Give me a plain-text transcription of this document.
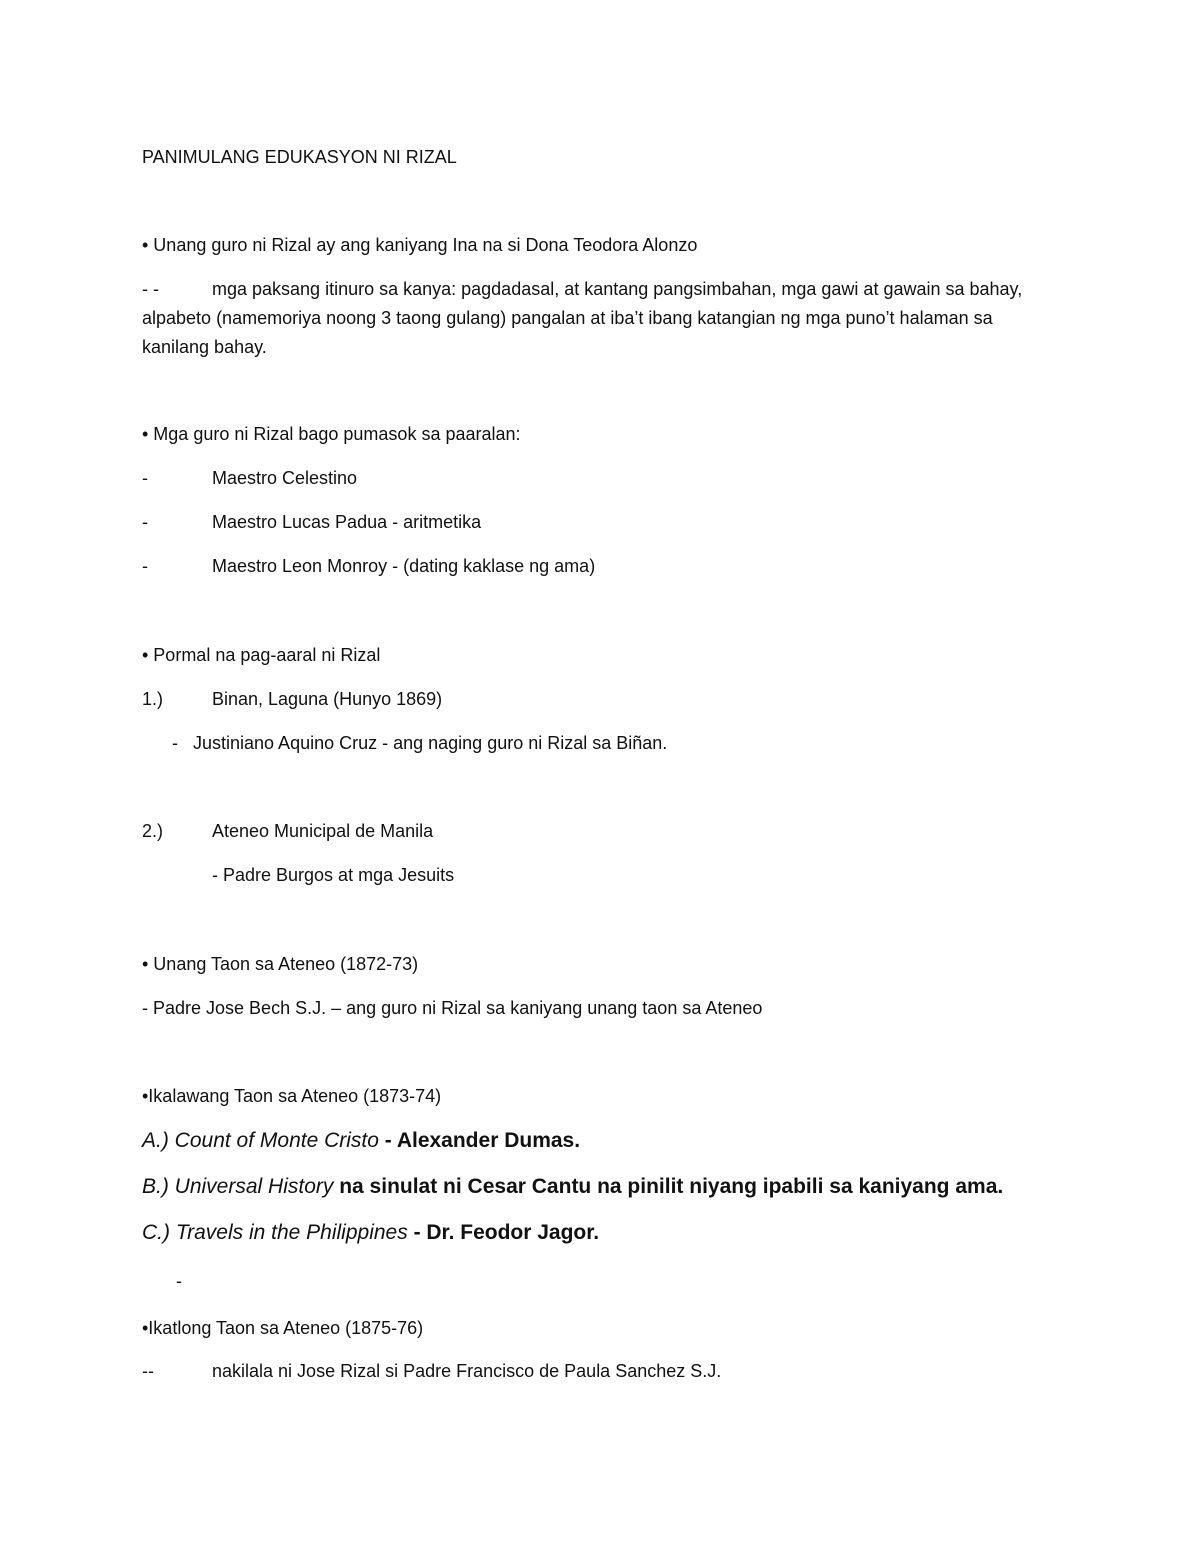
PANIMULANG EDUKASYON NI RIZAL
• Unang guro ni Rizal ay ang kaniyang Ina na si Dona Teodora Alonzo
- -	mga paksang itinuro sa kanya: pagdadasal, at kantang pangsimbahan, mga gawi at gawain sa bahay, alpabeto (namemoriya noong 3 taong gulang) pangalan at iba’t ibang katangian ng mga puno’t halaman sa kanilang bahay.
• Mga guro ni Rizal bago pumasok sa paaralan:
-	Maestro Celestino
-	Maestro Lucas Padua - aritmetika
-	Maestro Leon Monroy - (dating kaklase ng ama)
• Pormal na pag-aaral ni Rizal
1.)	Binan, Laguna (Hunyo 1869)
-   Justiniano Aquino Cruz - ang naging guro ni Rizal sa Biñan.
2.)	Ateneo Municipal de Manila
- Padre Burgos at mga Jesuits
• Unang Taon sa Ateneo (1872-73)
- Padre Jose Bech S.J. – ang guro ni Rizal sa kaniyang unang taon sa Ateneo
•Ikalawang Taon sa Ateneo (1873-74)
A.) Count of Monte Cristo - Alexander Dumas.
B.) Universal History na sinulat ni Cesar Cantu na pinilit niyang ipabili sa kaniyang ama.
C.) Travels in the Philippines - Dr. Feodor Jagor.
-
•Ikatlong Taon sa Ateneo (1875-76)
--	nakilala ni Jose Rizal si Padre Francisco de Paula Sanchez S.J.
